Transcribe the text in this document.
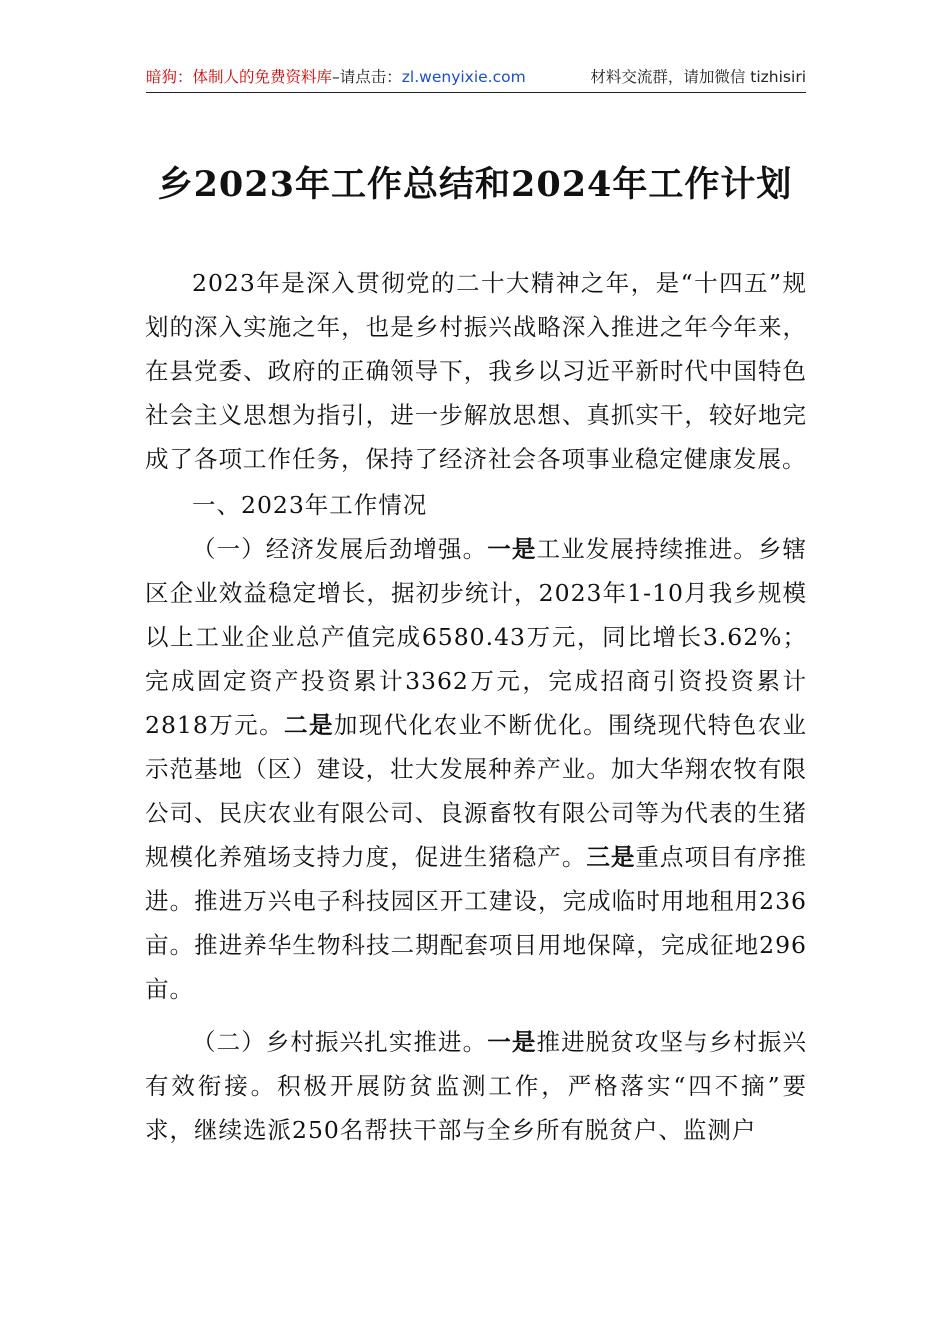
暗狗：体制人的免费资料库–请点击：zl.wenyixie.com	材料交流群，请加微信 tizhisiri
乡2023年工作总结和2024年工作计划

2023年是深入贯彻党的二十大精神之年，是“十四五”规划的深入实施之年，也是乡村振兴战略深入推进之年今年来，在县党委、政府的正确领导下，我乡以习近平新时代中国特色社会主义思想为指引，进一步解放思想、真抓实干，较好地完成了各项工作任务，保持了经济社会各项事业稳定健康发展。

一、2023年工作情况

（一）经济发展后劲增强。一是工业发展持续推进。乡辖区企业效益稳定增长，据初步统计，2023年1-10月我乡规模以上工业企业总产值完成6580.43万元，同比增长3.62%；完成固定资产投资累计3362万元，完成招商引资投资累计2818万元。二是加现代化农业不断优化。围绕现代特色农业示范基地（区）建设，壮大发展种养产业。加大华翔农牧有限公司、民庆农业有限公司、良源畜牧有限公司等为代表的生猪规模化养殖场支持力度，促进生猪稳产。三是重点项目有序推进。推进万兴电子科技园区开工建设，完成临时用地租用236亩。推进养华生物科技二期配套项目用地保障，完成征地296亩。

（二）乡村振兴扎实推进。一是推进脱贫攻坚与乡村振兴有效衔接。积极开展防贫监测工作，严格落实“四不摘”要求，继续选派250名帮扶干部与全乡所有脱贫户、监测户
